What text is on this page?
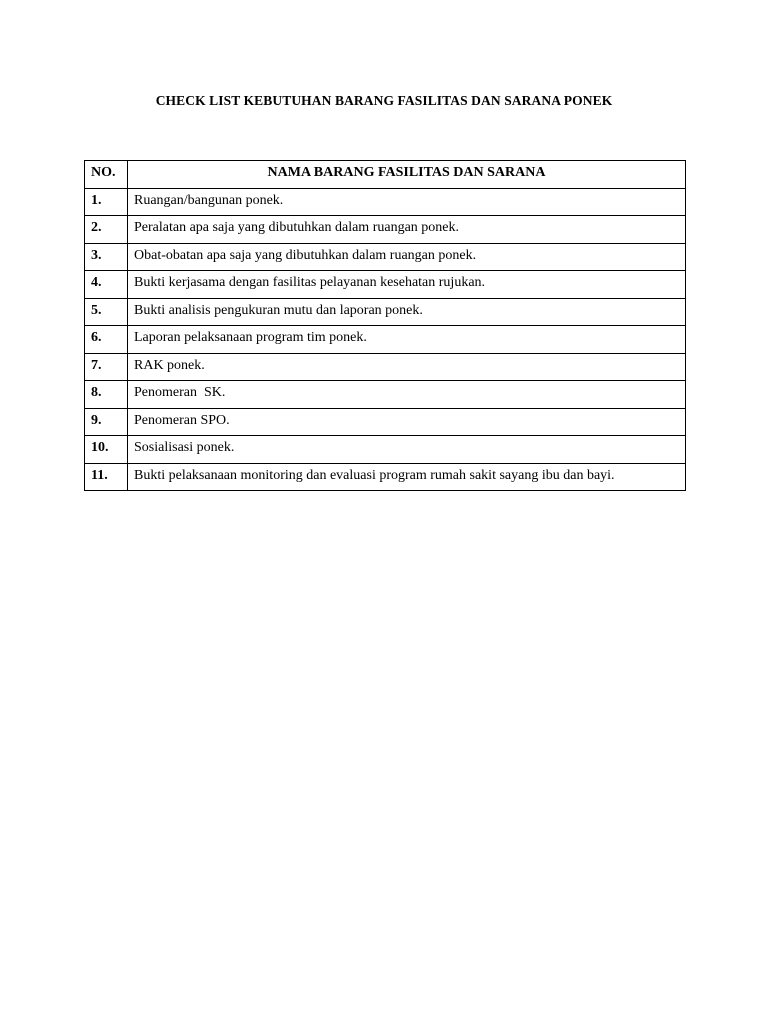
CHECK LIST KEBUTUHAN BARANG FASILITAS DAN SARANA PONEK
NO.	NAMA BARANG FASILITAS DAN SARANA
1.	Ruangan/bangunan ponek.
2.	Peralatan apa saja yang dibutuhkan dalam ruangan ponek.
3.	Obat-obatan apa saja yang dibutuhkan dalam ruangan ponek.
4.	Bukti kerjasama dengan fasilitas pelayanan kesehatan rujukan.
5.	Bukti analisis pengukuran mutu dan laporan ponek.
6.	Laporan pelaksanaan program tim ponek.
7.	RAK ponek.
8.	Penomeran  SK.
9.	Penomeran SPO.
10.	Sosialisasi ponek.
11.	Bukti pelaksanaan monitoring dan evaluasi program rumah sakit sayang ibu dan bayi.
